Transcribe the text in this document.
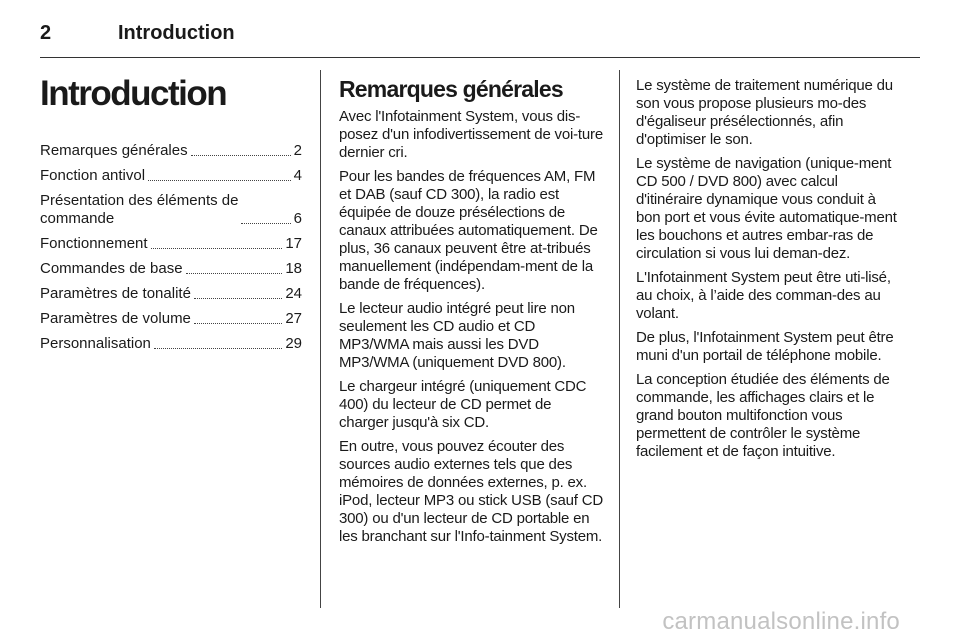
2	Introduction
Introduction
Remarques générales	2
Fonction antivol	4
Présentation des éléments de
commande	6
Fonctionnement	17
Commandes de base	18
Paramètres de tonalité	24
Paramètres de volume	27
Personnalisation	29
Remarques générales

Avec l'Infotainment System, vous dis-posez d'un infodivertissement de voi-ture dernier cri.

Pour les bandes de fréquences AM, FM et DAB (sauf CD 300), la radio est équipée de douze présélections de canaux attribuées automatiquement. De plus, 36 canaux peuvent être at-tribués manuellement (indépendam-ment de la bande de fréquences).

Le lecteur audio intégré peut lire non seulement les CD audio et CD MP3/WMA mais aussi les DVD MP3/WMA (uniquement DVD 800).

Le chargeur intégré (uniquement CDC 400) du lecteur de CD permet de charger jusqu'à six CD.

En outre, vous pouvez écouter des sources audio externes tels que des mémoires de données externes, p. ex. iPod, lecteur MP3 ou stick USB (sauf CD 300) ou d'un lecteur de CD portable en les branchant sur l'Info-tainment System.

Le système de traitement numérique du son vous propose plusieurs mo-des d'égaliseur présélectionnés, afin d'optimiser le son.

Le système de navigation (unique-ment CD 500 / DVD 800) avec calcul d'itinéraire dynamique vous conduit à bon port et vous évite automatique-ment les bouchons et autres embar-ras de circulation si vous lui deman-dez.

L'Infotainment System peut être uti-lisé, au choix, à l’aide des comman-des au volant.

De plus, l'Infotainment System peut être muni d'un portail de téléphone mobile.

La conception étudiée des éléments de commande, les affichages clairs et le grand bouton multifonction vous permettent de contrôler le système facilement et de façon intuitive.

carmanualsonline.info
